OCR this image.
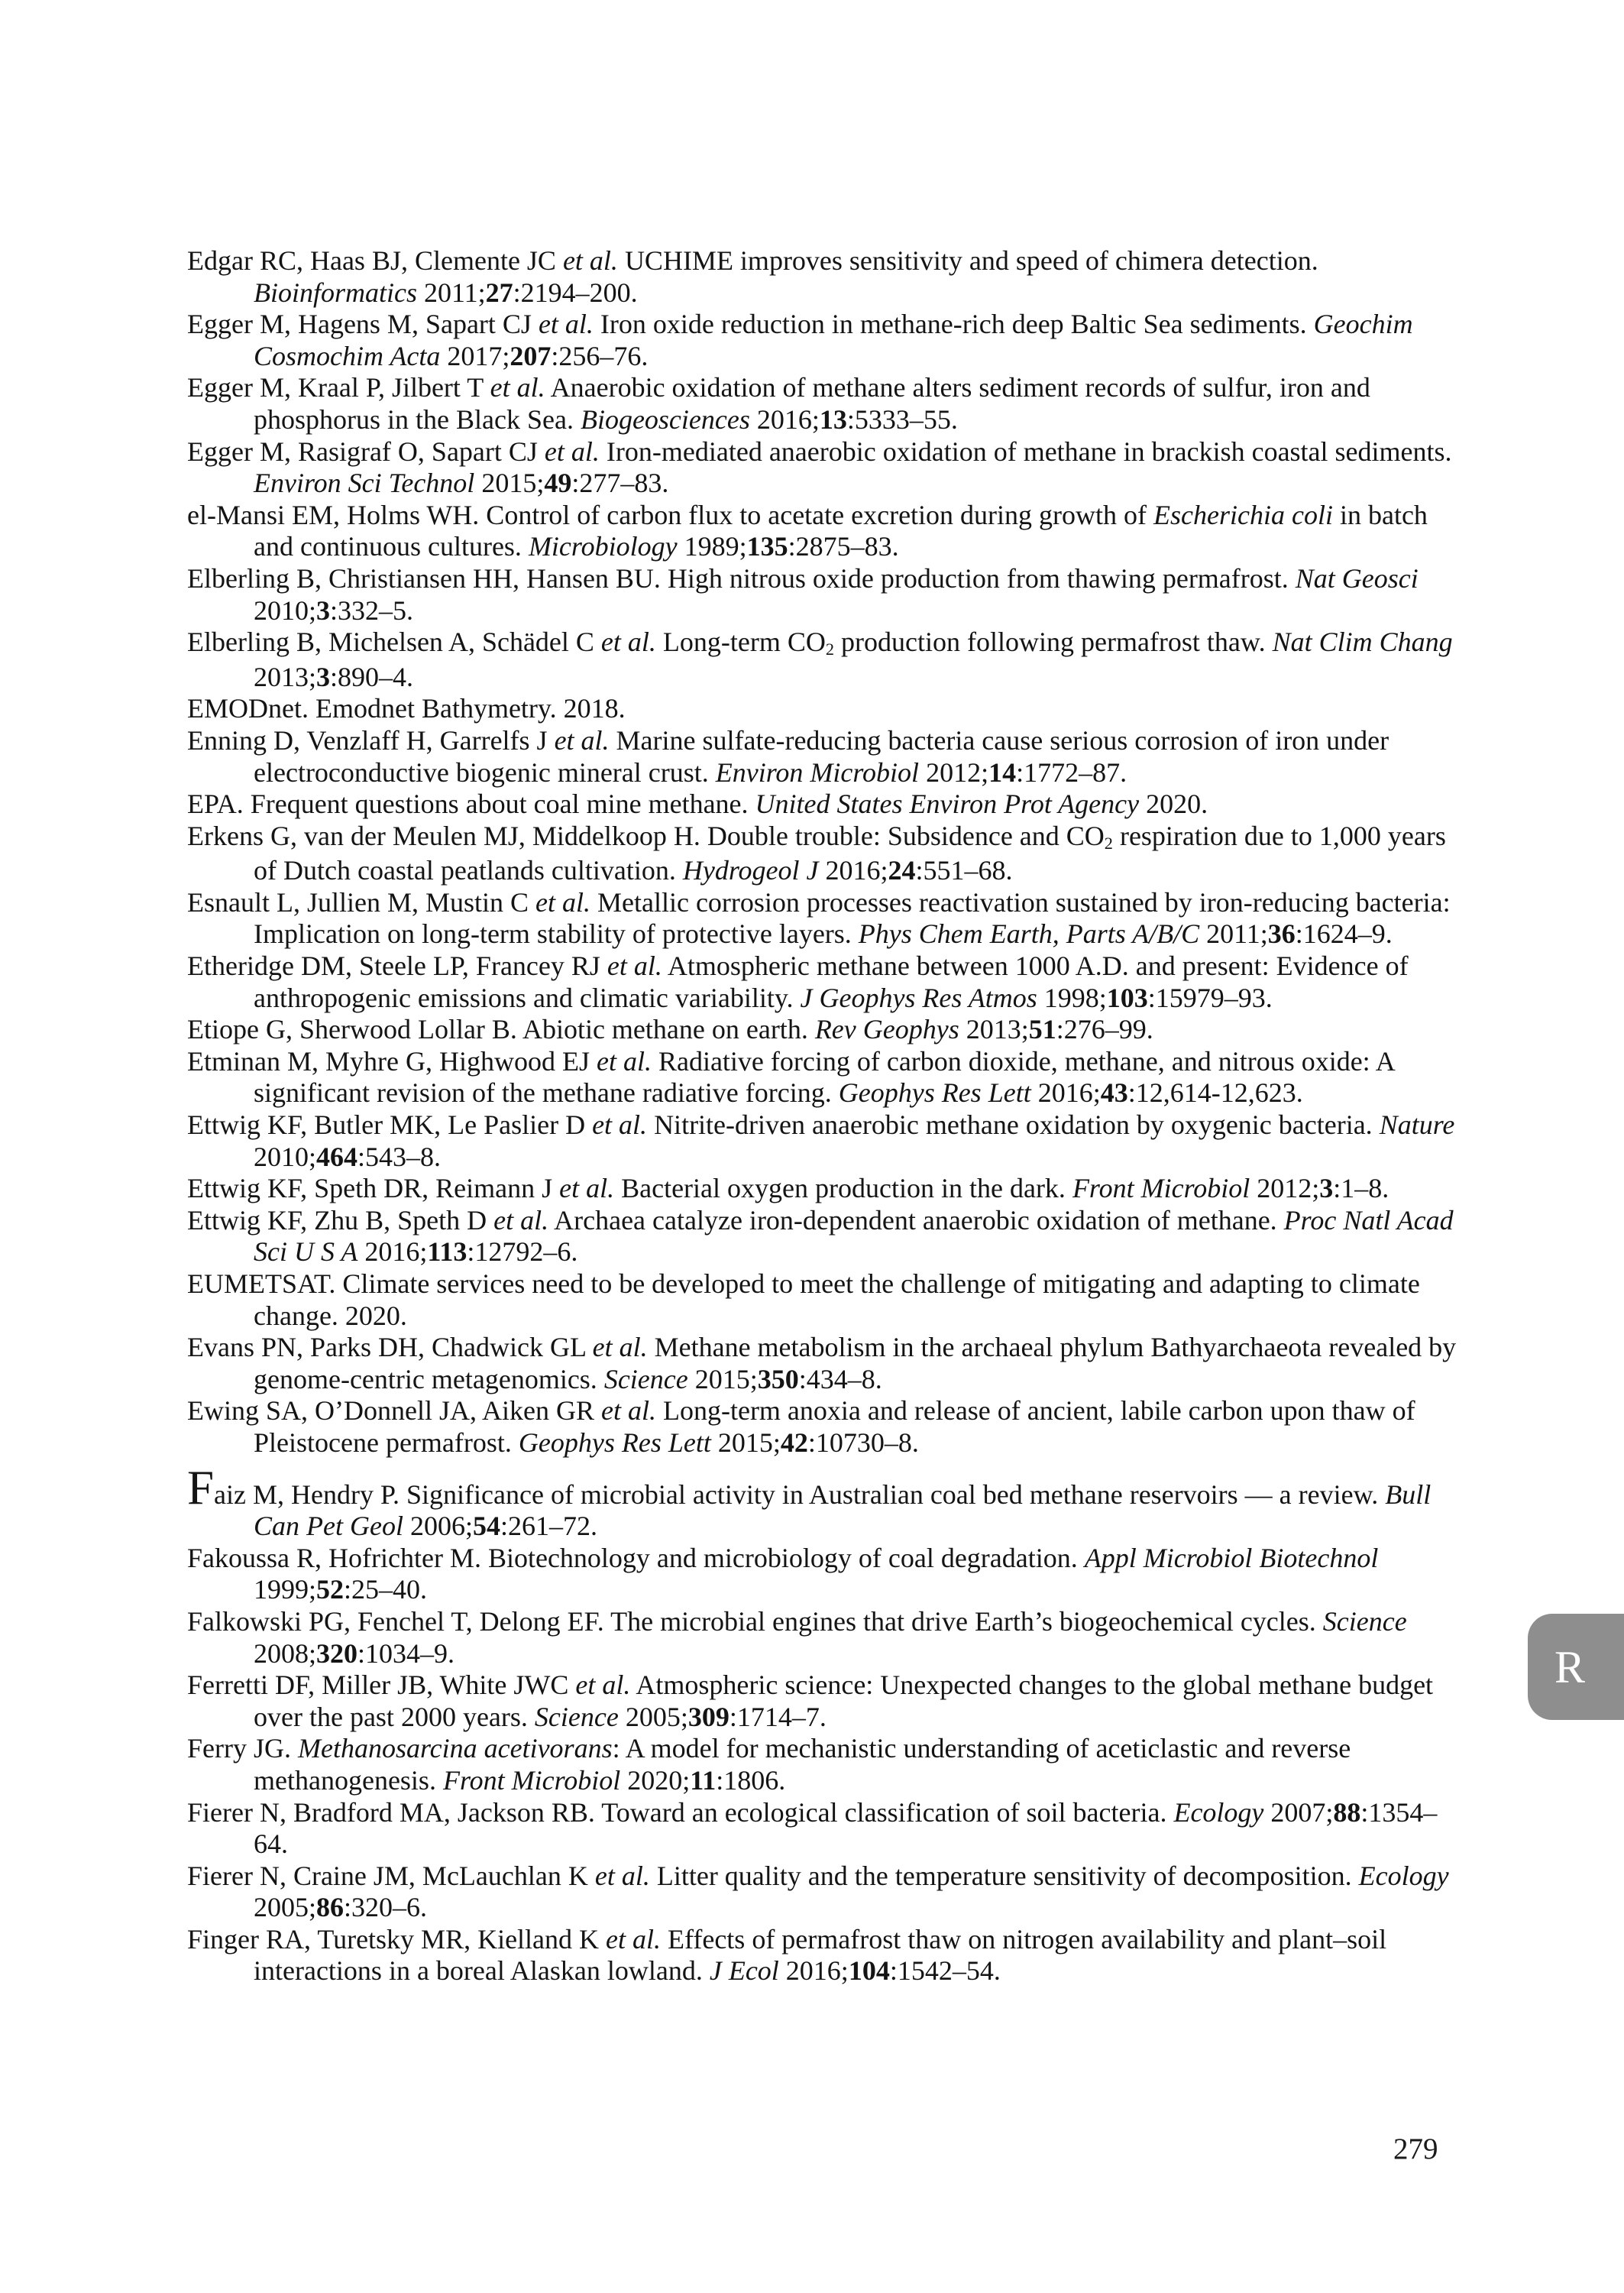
Edgar RC, Haas BJ, Clemente JC et al. UCHIME improves sensitivity and speed of chimera detection. Bioinformatics 2011;27:2194–200.

Egger M, Hagens M, Sapart CJ et al. Iron oxide reduction in methane-rich deep Baltic Sea sediments. Geochim Cosmochim Acta 2017;207:256–76.

Egger M, Kraal P, Jilbert T et al. Anaerobic oxidation of methane alters sediment records of sulfur, iron and phosphorus in the Black Sea. Biogeosciences 2016;13:5333–55.

Egger M, Rasigraf O, Sapart CJ et al. Iron-mediated anaerobic oxidation of methane in brackish coastal sediments. Environ Sci Technol 2015;49:277–83.

el-Mansi EM, Holms WH. Control of carbon flux to acetate excretion during growth of Escherichia coli in batch and continuous cultures. Microbiology 1989;135:2875–83.

Elberling B, Christiansen HH, Hansen BU. High nitrous oxide production from thawing permafrost. Nat Geosci 2010;3:332–5.

Elberling B, Michelsen A, Schädel C et al. Long-term CO2 production following permafrost thaw. Nat Clim Chang 2013;3:890–4.

EMODnet. Emodnet Bathymetry. 2018.

Enning D, Venzlaff H, Garrelfs J et al. Marine sulfate-reducing bacteria cause serious corrosion of iron under electroconductive biogenic mineral crust. Environ Microbiol 2012;14:1772–87.

EPA. Frequent questions about coal mine methane. United States Environ Prot Agency 2020.

Erkens G, van der Meulen MJ, Middelkoop H. Double trouble: Subsidence and CO2 respiration due to 1,000 years of Dutch coastal peatlands cultivation. Hydrogeol J 2016;24:551–68.

Esnault L, Jullien M, Mustin C et al. Metallic corrosion processes reactivation sustained by iron-reducing bacteria: Implication on long-term stability of protective layers. Phys Chem Earth, Parts A/B/C 2011;36:1624–9.

Etheridge DM, Steele LP, Francey RJ et al. Atmospheric methane between 1000 A.D. and present: Evidence of anthropogenic emissions and climatic variability. J Geophys Res Atmos 1998;103:15979–93.

Etiope G, Sherwood Lollar B. Abiotic methane on earth. Rev Geophys 2013;51:276–99.

Etminan M, Myhre G, Highwood EJ et al. Radiative forcing of carbon dioxide, methane, and nitrous oxide: A significant revision of the methane radiative forcing. Geophys Res Lett 2016;43:12,614-12,623.

Ettwig KF, Butler MK, Le Paslier D et al. Nitrite-driven anaerobic methane oxidation by oxygenic bacteria. Nature 2010;464:543–8.

Ettwig KF, Speth DR, Reimann J et al. Bacterial oxygen production in the dark. Front Microbiol 2012;3:1–8.

Ettwig KF, Zhu B, Speth D et al. Archaea catalyze iron-dependent anaerobic oxidation of methane. Proc Natl Acad Sci U S A 2016;113:12792–6.

EUMETSAT. Climate services need to be developed to meet the challenge of mitigating and adapting to climate change. 2020.

Evans PN, Parks DH, Chadwick GL et al. Methane metabolism in the archaeal phylum Bathyarchaeota revealed by genome-centric metagenomics. Science 2015;350:434–8.

Ewing SA, O’Donnell JA, Aiken GR et al. Long-term anoxia and release of ancient, labile carbon upon thaw of Pleistocene permafrost. Geophys Res Lett 2015;42:10730–8.

Faiz M, Hendry P. Significance of microbial activity in Australian coal bed methane reservoirs — a review. Bull Can Pet Geol 2006;54:261–72.

Fakoussa R, Hofrichter M. Biotechnology and microbiology of coal degradation. Appl Microbiol Biotechnol 1999;52:25–40.

Falkowski PG, Fenchel T, Delong EF. The microbial engines that drive Earth’s biogeochemical cycles. Science 2008;320:1034–9.

Ferretti DF, Miller JB, White JWC et al. Atmospheric science: Unexpected changes to the global methane budget over the past 2000 years. Science 2005;309:1714–7.

Ferry JG. Methanosarcina acetivorans: A model for mechanistic understanding of aceticlastic and reverse methanogenesis. Front Microbiol 2020;11:1806.

Fierer N, Bradford MA, Jackson RB. Toward an ecological classification of soil bacteria. Ecology 2007;88:1354–64.

Fierer N, Craine JM, McLauchlan K et al. Litter quality and the temperature sensitivity of decomposition. Ecology 2005;86:320–6.

Finger RA, Turetsky MR, Kielland K et al. Effects of permafrost thaw on nitrogen availability and plant–soil interactions in a boreal Alaskan lowland. J Ecol 2016;104:1542–54.

R
279
